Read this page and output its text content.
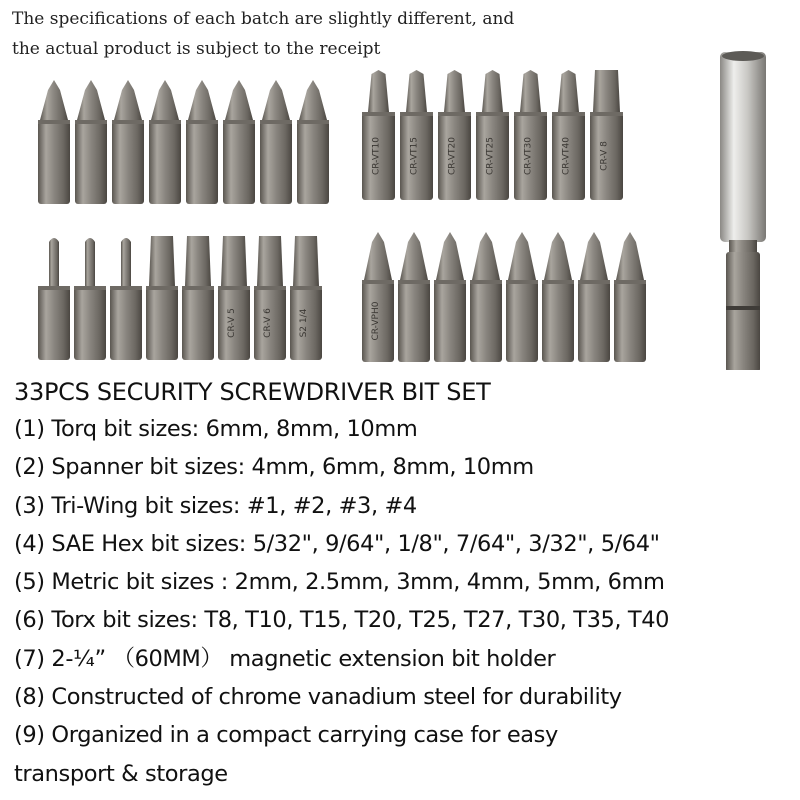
The specifications of each batch are slightly different, and
the actual product is subject to the receipt
CR-VT10	CR-VT15	CR-VT20	CR-VT25	CR-VT30	CR-VT40	CR-V 8
CR-V 5	CR-V 6	S2 1/4	CR-VPH0
33PCS SECURITY SCREWDRIVER BIT SET
(1) Torq bit sizes: 6mm, 8mm, 10mm
(2) Spanner bit sizes: 4mm, 6mm, 8mm, 10mm
(3) Tri-Wing bit sizes: #1, #2, #3, #4
(4) SAE Hex bit sizes: 5/32", 9/64", 1/8", 7/64", 3/32", 5/64"
(5) Metric bit sizes : 2mm, 2.5mm, 3mm, 4mm, 5mm, 6mm
(6) Torx bit sizes: T8, T10, T15, T20, T25, T27, T30, T35, T40
(7) 2-¼” （60MM） magnetic extension bit holder
(8) Constructed of chrome vanadium steel for durability
(9) Organized in a compact carrying case for easy
transport & storage
